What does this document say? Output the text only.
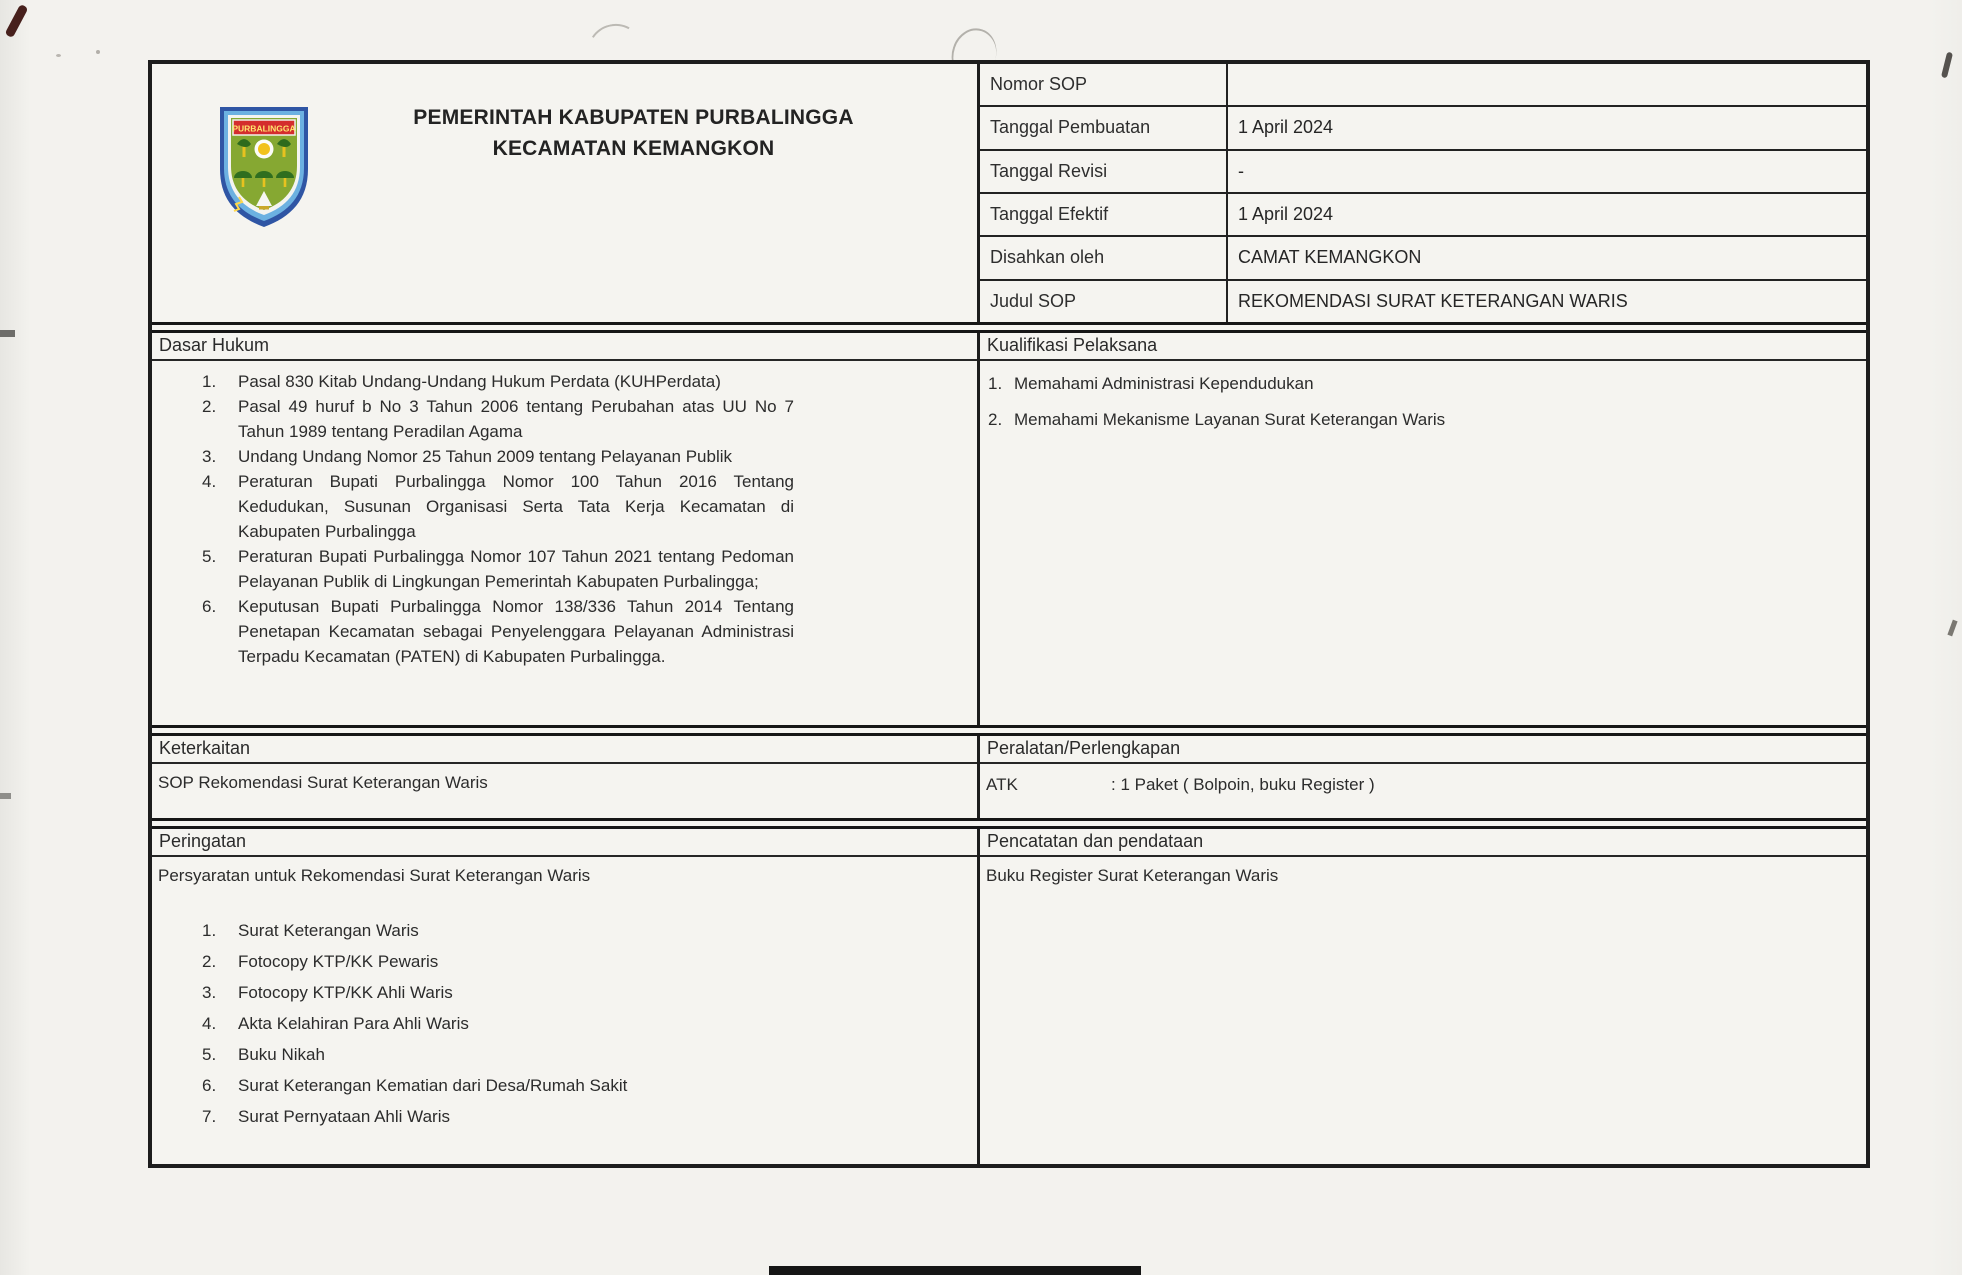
PURBALINGGA	PEMERINTAH KABUPATEN PURBALINGGA
KECAMATAN KEMANGKON
Nomor SOP
Tanggal Pembuatan	1 April 2024
Tanggal Revisi	-
Tanggal Efektif	1 April 2024
Disahkan oleh	CAMAT KEMANGKON
Judul SOP	REKOMENDASI SURAT KETERANGAN WARIS
Dasar Hukum
Pasal 830 Kitab Undang-Undang Hukum Perdata (KUHPerdata)
Pasal 49 huruf b No 3 Tahun 2006 tentang Perubahan atas UU No 7 Tahun 1989 tentang Peradilan Agama
Undang Undang Nomor 25 Tahun 2009 tentang Pelayanan Publik
Peraturan Bupati Purbalingga Nomor 100 Tahun 2016 Tentang Kedudukan, Susunan Organisasi Serta Tata Kerja Kecamatan di Kabupaten Purbalingga
Peraturan Bupati Purbalingga Nomor 107 Tahun 2021 tentang Pedoman Pelayanan Publik di Lingkungan Pemerintah Kabupaten Purbalingga;
Keputusan Bupati Purbalingga Nomor 138/336 Tahun 2014 Tentang Penetapan Kecamatan sebagai Penyelenggara Pelayanan Administrasi Terpadu Kecamatan (PATEN) di Kabupaten Purbalingga.
Kualifikasi Pelaksana
Memahami Administrasi Kependudukan
Memahami Mekanisme Layanan Surat Keterangan Waris
Keterkaitan
SOP Rekomendasi Surat Keterangan Waris
Peralatan/Perlengkapan
ATK	: 1 Paket ( Bolpoin, buku Register )
Peringatan
Persyaratan untuk Rekomendasi Surat Keterangan Waris
Surat Keterangan Waris
Fotocopy KTP/KK Pewaris
Fotocopy KTP/KK Ahli Waris
Akta Kelahiran Para Ahli Waris
Buku Nikah
Surat Keterangan Kematian dari Desa/Rumah Sakit
Surat Pernyataan Ahli Waris
Pencatatan dan pendataan
Buku Register Surat Keterangan Waris
